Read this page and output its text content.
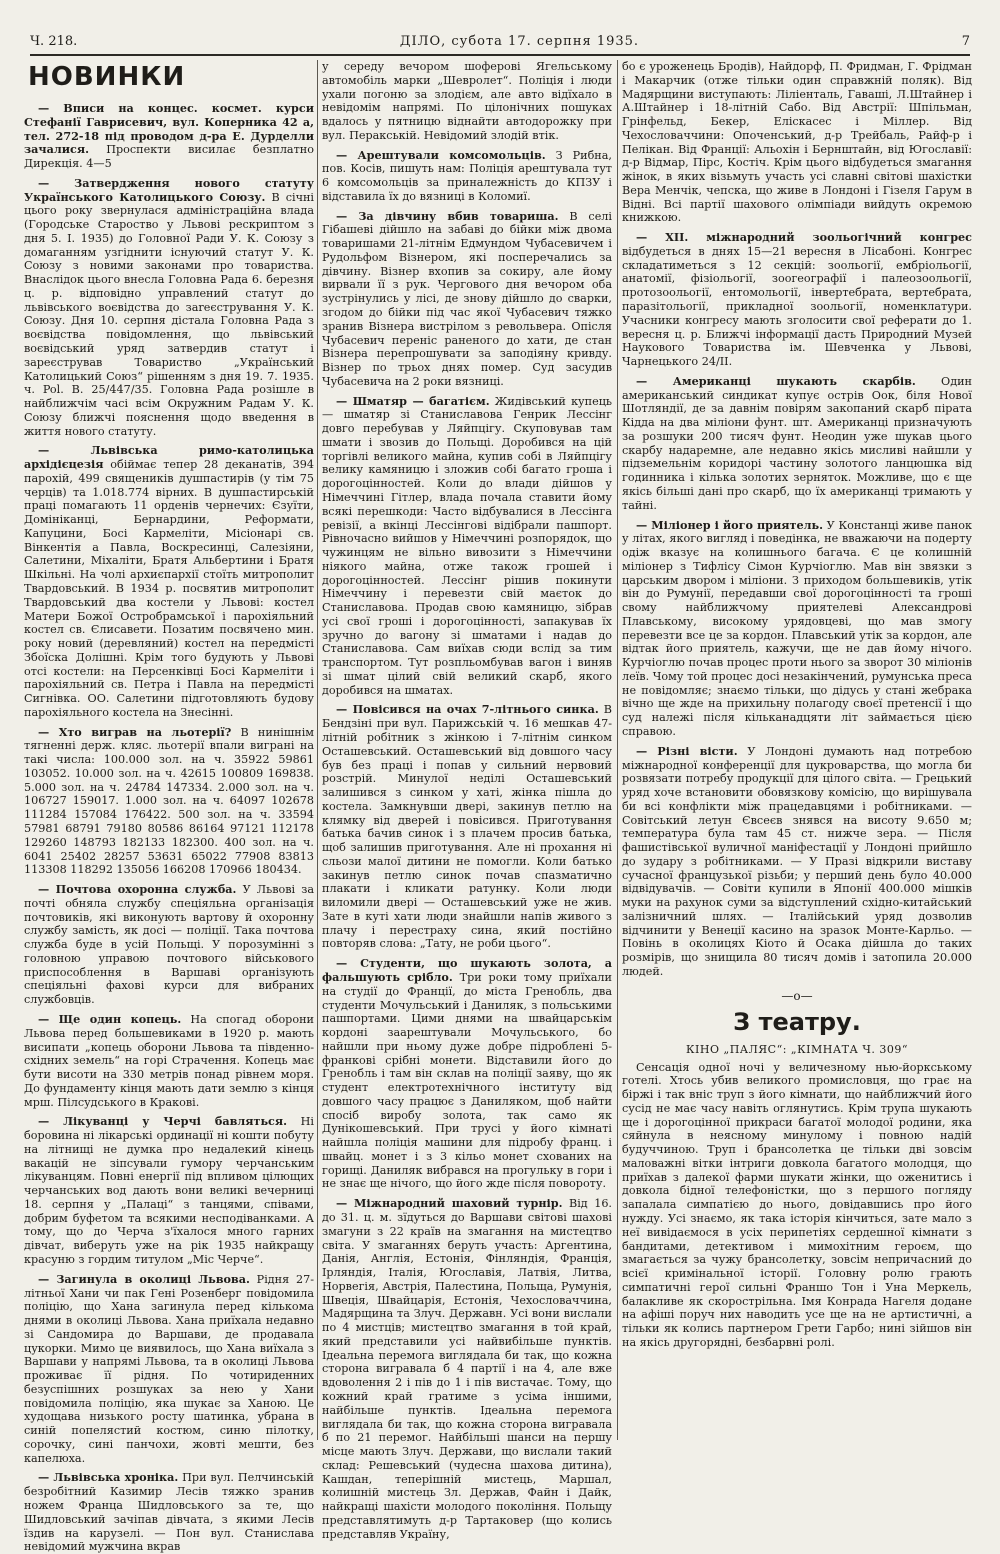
Ч. 218.	ДІЛО, субота 17. серпня 1935.	7
НОВИНКИ

— Вписи на концес. космет. курси Стефанії Гавриcевич, вул. Коперника 42 а, тел. 272-18 під проводом д-ра Е. Дурделли зачалися. Проспекти висилає безплатно Дирекція. 4—5

— Затвердження нового статуту Українського Католицького Союзу. В січні цього року звернулася адміністраційна влада (Городське Староство у Львові рескриптом з дня 5. І. 1935) до Головної Ради У. К. Союзу з домаганням узгіднити існуючий статут У. К. Союзу з новими законами про товариства. Внаслідок цього внесла Головна Рада 6. березня ц. р. відповідно управлений статут до львівського воєвідства до заreєстрування У. К. Союзу. Дня 10. серпня дістала Головна Рада з воєвідства повідомлення, що львівський воєвідський уряд затвердив статут і зареєстрував Товариство „Український Католицький Союз“ рішенням з дня 19. 7. 1935. ч. Pol. B. 25/447/35. Головна Рада розішле в найближчім часі всім Окружним Радам У. К. Союзу ближчі пояснення щодо введення в життя нового статуту.

— Львівська римо-католицька архідієцезія обіймає тепер 28 деканатів, 394 парохій, 499 священиків душпастирів (у тім 75 черців) та 1.018.774 вірних. В душпастирській праці помагають 11 орденів чернечих: Єзуїти, Домініканці, Бернардини, Реформати, Капуцини, Босі Кармеліти, Місіонарі св. Вінкентія а Павла, Воскресинці, Салезіяни, Салетини, Міхаліти, Братя Альбертини і Братя Шкільні. На чолі архиєпархії стоїть митрополит Твардовський. В 1934 р. посвятив митрополит Твардовський два костели у Львові: костел Матери Божої Остробрамської і парохіяльний костел св. Єлисавети. Позатим посвячено мин. року новий (деревляний) костел на передмісті Збоїска Долішні. Крім того будують у Львові отсі костели: на Персенківці Босі Кармеліти і парохіяльний св. Петра і Павла на передмісті Сигнівка. ОО. Салетини підготовляють будову парохіяльного костела на Знесінні.

— Хто виграв на льотерії? В нинішнім тягненні держ. кляс. льотерії впали виграні на такі числа: 100.000 зол. на ч. 35922 59861 103052. 10.000 зол. на ч. 42615 100809 169838. 5.000 зол. на ч. 24784 147334. 2.000 зол. на ч. 106727 159017. 1.000 зол. на ч. 64097 102678 111284 157084 176422. 500 зол. на ч. 33594 57981 68791 79180 80586 86164 97121 112178 129260 148793 182133 182300. 400 зол. на ч. 6041 25402 28257 53631 65022 77908 83813 113308 118292 135056 166208 170966 180434.

— Почтова охоронна служба. У Львові за почті обняла службу спеціяльна організація почтовиків, які виконують вартову й охоронну службу замість, як досі — поліції. Така почтова служба буде в усій Польщі. У порозумінні з головною управою почтового військового приспособлення в Варшаві організують спеціяльні фахові курси для вибраних службовців.

— Ще один копець. На спогад оборони Львова перед большевиками в 1920 р. мають висипати „копець оборони Львова та південно-східних земель“ на горі Страчення. Копець має бути висоти на 330 метрів понад рівнем моря. До фундаменту кінця мають дати землю з кінця мрш. Пілсудського в Кракові.

— Лікуванці у Черчі бавляться. Ні боровина ні лікарські ординації ні кошти побуту на літнищі не думка про недалекий кінець вакацій не зіпсували гумору черчанським лікуванцям. Повні енергії під впливом цілющих черчанських вод дають вони великі вечерниці 18. серпня у „Палаці“ з танцями, співами, добрим буфетом та всякими несподіванками. А тому, що до Черча з'їхалося много гарних дівчат, виберуть уже на рік 1935 найкращу красуню з гордим титулом „Міс Черче“.

— Загинула в околиці Львова. Рідня 27-літньої Хани чи пак Гені Розенберг повідомила поліцію, що Хана загинула перед кількома днями в околиці Львова. Хана приїхала недавно зі Сандомира до Варшави, де продавала цукорки. Мимо це виявилось, що Хана виїхала з Варшави у напрямі Львова, та в околиці Львова проживає її рідня. По чотириденних безуспішних розшуках за нею у Хани повідомила поліцію, яка шукає за Ханою. Це худощава низького росту шатинка, убрана в синій попелястий костюм, синю пілотку, сорочку, сині панчохи, жовті мешти, без капелюха.

— Львівська хроніка. При вул. Пелчинській безробітний Казимир Лесів тяжко зранив ножем Франца Шидловського за те, що Шидловський зачіпав дівчата, з якими Лесів їздив на карузелі. — Пон вул. Станиcлава невідомий мужчина вкрав

у середу вечором шоферові Ягельському автомобіль марки „Шевролет“. Поліція і люди ухали погоню за злодієм, але авто відїхало в невідомім напрямі. По цілонічних пошуках вдалось у пятницю віднайти автодорожку при вул. Перакській. Невідомий злодій втік.

— Арештували комсомольців. З Рибна, пов. Косів, пишуть нам: Поліція арештувала тут 6 комсомольців за приналежність до КПЗУ і відставила їх до вязниці в Коломиї.

— За дівчину вбив товариша. В селі Гібашеві дійшло на забаві до бійки між двома товаришами 21-літнім Едмундом Чубасевичем і Рудольфом Візнером, які посперечались за дівчину. Візнер вхопив за сокиру, але йому вирвали її з рук. Чергового дня вечором оба зустрінулись у лісі, де знову дійшло до сварки, згодом до бійки під час якої Чубасевич тяжко зранив Візнера вистрілом з револьвера. Опісля Чубасевич переніс раненого до хати, де стан Візнера перепрошувати за заподіяну кривду. Візнер по трьох днях помер. Суд засудив Чубасевича на 2 роки вязниці.

— Шматяр — багатієм. Жидівський купець — шматяр зі Станиславова Генрик Лессінг довго перебував у Ляйпцігу. Скуповував там шмати і звозив до Польщі. Доробився на цій торгівлі великого майна, купив собі в Ляйпцігу велику камяницю і зложив собі багато гроша і дорогоцінностей. Коли до влади дійшов у Німеччині Гітлер, влада почала ставити йому всякі перешкоди: Часто відбувалися в Лессінга ревізії, а вкінці Лессінгові відібрали пашпорт. Рівночасно вийшов у Німеччині розпорядок, що чужинцям не вільно вивозити з Німеччини ніякого майна, отже також грошей і дорогоцінностей. Лессінг рішив покинути Німеччину і перевезти свій маєток до Станиславова. Продав свою камяницю, зібрав усі свої гроші і дорогоцінності, запакував їх зручно до вагону зі шматами і надав до Станиславова. Сам виїхав сюди вслід за тим транспортом. Тут розпльомбував вагон і виняв зі шмат цілий свій великий скарб, якого доробився на шматах.

— Повісився на очах 7-літнього синка. В Бендзіні при вул. Парижській ч. 16 мешкав 47-літній робітник з жінкою і 7-літнім синком Осташевський. Осташевський від довшого часу був без праці і попав у сильний нервовий розстрій. Минулої неділі Осташевський залишився з синком у хаті, жінка пішла до костела. Замкнувши двері, закинув петлю на клямку від дверей і повісився. Приготування батька бачив синок і з плачем просив батька, щоб залишив приготування. Але ні прохання ні сльози малої дитини не помогли. Коли батько закинув петлю синок почав спазматично плакати і кликати ратунку. Коли люди виломили двері — Осташевський уже не жив. Зате в куті хати люди знайшли напів живого з плачу і перестраху сина, який постійно повторяв слова: „Тату, не роби цього“.

— Студенти, що шукають золота, а фальшують срібло. Три роки тому приїхали на студії до Франції, до міста Гренобль, два студенти Мочульський і Даниляк, з польськими пашпортами. Цими днями на швайцарськім кордоні заарештували Мочульського, бо найшли при ньому дуже добре підроблені 5-франкові срібні монети. Відставили його до Гренобль і там він склав на поліції заяву, що як студент електротехнічного інституту від довшого часу працює з Даниляком, щоб найти спосіб виробу золота, так само як Дунікошевський. При трусі у його кімнаті найшла поліція машини для підробу франц. і швайц. монет і з 3 кільо монет схованих на горищі. Даниляк вибрався на прогульку в гори і не знає ще нічого, що його жде після повороту.

— Міжнародний шаховий турнір. Від 16. до 31. ц. м. зїдуться до Варшави світові шахові змагуни з 22 країв на змагання на мистецтво світа. У змаганнях беруть участь: Аргентина, Данія, Англія, Естонія, Фінляндія, Франція, Ірляндія, Італія, Югославія, Латвія, Литва, Норвегія, Австрія, Палестина, Польща, Румунія, Швеція, Швайцарія, Естонія, Чехословаччина, Мадярщина та Злуч. Державн. Усі вони вислали по 4 мистців; мистецтво змагання в той край, який представили усі найвибільше пунктів. Ідеальна перемога виглядала би так, що кожна сторона вигравала б 4 партії і на 4, але вже вдоволення 2 і пів до 1 і пів вистачає. Тому, що кожний край гратиме з усіма іншими, найбільше пунктів. Ідеальна перемога виглядала би так, що кожна сторона вигравала б по 21 перемог. Найбільші шанси на першу місце мають Злуч. Держави, що вислали такий склад: Решевський (чудесна шахова дитина), Кашдан, теперішній мистець, Маршал, колишній мистець Зл. Держав, Файн і Дайк, найкращі шахісти молодого покоління. Польщу представлятимуть д-р Тартаковер (що колись представляв Україну,

бо є уроженець Бродів), Найдорф, П. Фридман, Г. Фрідман і Макарчик (отже тільки один справжній поляк). Від Мадярщини виступають: Ліліенталь, Гаваші, Л.Штайнер і А.Штайнер і 18-літній Сабо. Від Австрії: Шпільман, Грінфельд, Бекер, Еліскасес і Міллер. Від Чехословаччини: Опоченський, д-р Трейбаль, Райф-р і Пелікан. Від Франції: Альохін і Бернштайн, від Югославії: д-р Відмар, Пірс, Костіч. Крім цього відбудеться змагання жінок, в яких візьмуть участь усі славні світові шахістки Вера Менчік, чепска, що живе в Лондоні і Гізеля Гарум в Відні. Всі партії шахового олімпіади вийдуть окремою книжкою.

— XII. міжнародний зоольогічний конгрес відбудеться в днях 15—21 вересня в Лісабоні. Конгрес складатиметься з 12 секцій: зоольогії, ембріольогії, анатомії, фізіольогії, зоогеографії і палеозоольогії, протозоольогії, ентомольогії, інвертебрата, вертебрата, паразітольогії, прикладної зоольогії, номенклатури. Учасники конгресу мають зголосити свої реферати до 1. вересня ц. р. Ближчі інформації дасть Природний Музей Наукового Товариства ім. Шевченка у Львові, Чарнецького 24/ІІ.

— Американці шукають скарбів. Один американський синдикат купує острів Оок, біля Нової Шотляндії, де за давнім повірям закопаний скарб пірата Кідда на два міліони фунт. шт. Американці призначують за розшуки 200 тисяч фунт. Неодин уже шукав цього скарбу надаремне, але недавно якісь мисливі найшли у підземельнім коридорі частину золотого ланцюшка від годинника і кілька золотих зерняток. Можливе, що є ще якісь більші дані про скарб, що їх американці тримають у тайні.

— Міліонер і його приятель. У Констанці живе панок у літах, якого вигляд і поведінка, не вважаючи на подерту одіж вказує на колишнього багача. Є це колишній міліонер з Тифлісу Сімон Курчіоглю. Мав він звязки з царським двором і міліони. З приходом большевиків, утік він до Румунії, передавши свої дорогоцінності та гроші свому найближчому приятелеві Александрові Плавському, високому урядовцеві, що мав змогу перевезти все це за кордон. Плавський утік за кордон, але відтак його приятель, кажучи, ще не дав йому нічого. Курчіоглю почав процес проти нього за зворот 30 міліонів леїв. Чому той процес досі незакінчений, румунська преса не повідомляє; знаємо тільки, що дідусь у стані жебрака вічно ще жде на прихильну полагоду своєї претенсії і що суд належі після кільканадцяти літ займається цією справою.

— Різні вісти. У Лондоні думають над потребою міжнародної конференції для цукроварства, що могла би розвязати потребу продукції для цілого світа. — Грецький уряд хоче встановити обовязкову комісію, що вирішувала би всі конфлікти між працедавцями і робітниками. — Совітський летун Євсеєв знявся на висоту 9.650 м; температура була там 45 ст. нижче зера. — Після фашистівської вуличної маніфестації у Лондоні прийшло до зудару з робітниками. — У Празі відкрили виставу сучасної французької різьби; у перший день було 40.000 відвідувачів. — Совіти купили в Японії 400.000 мішків муки на рахунок суми за відступлений східно-китайський залізничний шлях. — Італійський уряд дозволив відчинити у Венеції касино на зразок Монте-Карльо. — Повінь в околицях Кіото й Осака дійшла до таких розмірів, що знищила 80 тисяч домів і затопила 20.000 людей.

—о—
З театру.
КІНО „ПАЛЯС“: „КІМНАТА Ч. 309“

Сенсація одної ночі у величезному нью-йоркському готелі. Хтось убив великого промисловця, що грає на біржі і так вніс труп з його кімнати, що найближчий його сусід не має часу навіть оглянутись. Крім трупа шукають ще і дорогоцінної прикраси багатої молодої родини, яка сяйнула в неясному минулому і повною надій будуччиною. Труп і брансолетка це тільки дві зовсім маловажні вітки інтриги довкола багатого молодця, що приїхав з далекої фарми шукати жінки, що оженитись і довкола бідної телефоністки, що з першого погляду запалала симпатією до нього, довідавшись про його нужду. Усі знаємо, як така історія кінчиться, зате мало з неї вивідаємося в усіх перипетіях сердешної кімнати з бандитами, детективом і мимохітним героєм, що змагається за чужу брансолетку, зовсім непричасний до всієї кримінальної історії. Головну ролю грають симпатичні герої сильні Франшо Тон і Уна Меркель, балакливе як скорострільна. Імя Конрада Нагеля додане на афіші поруч них наводить усе ще на не артистичні, а тільки як колись партнером Грети Гарбо; нині зійшов він на якісь другорядні, безбарвні ролі.
